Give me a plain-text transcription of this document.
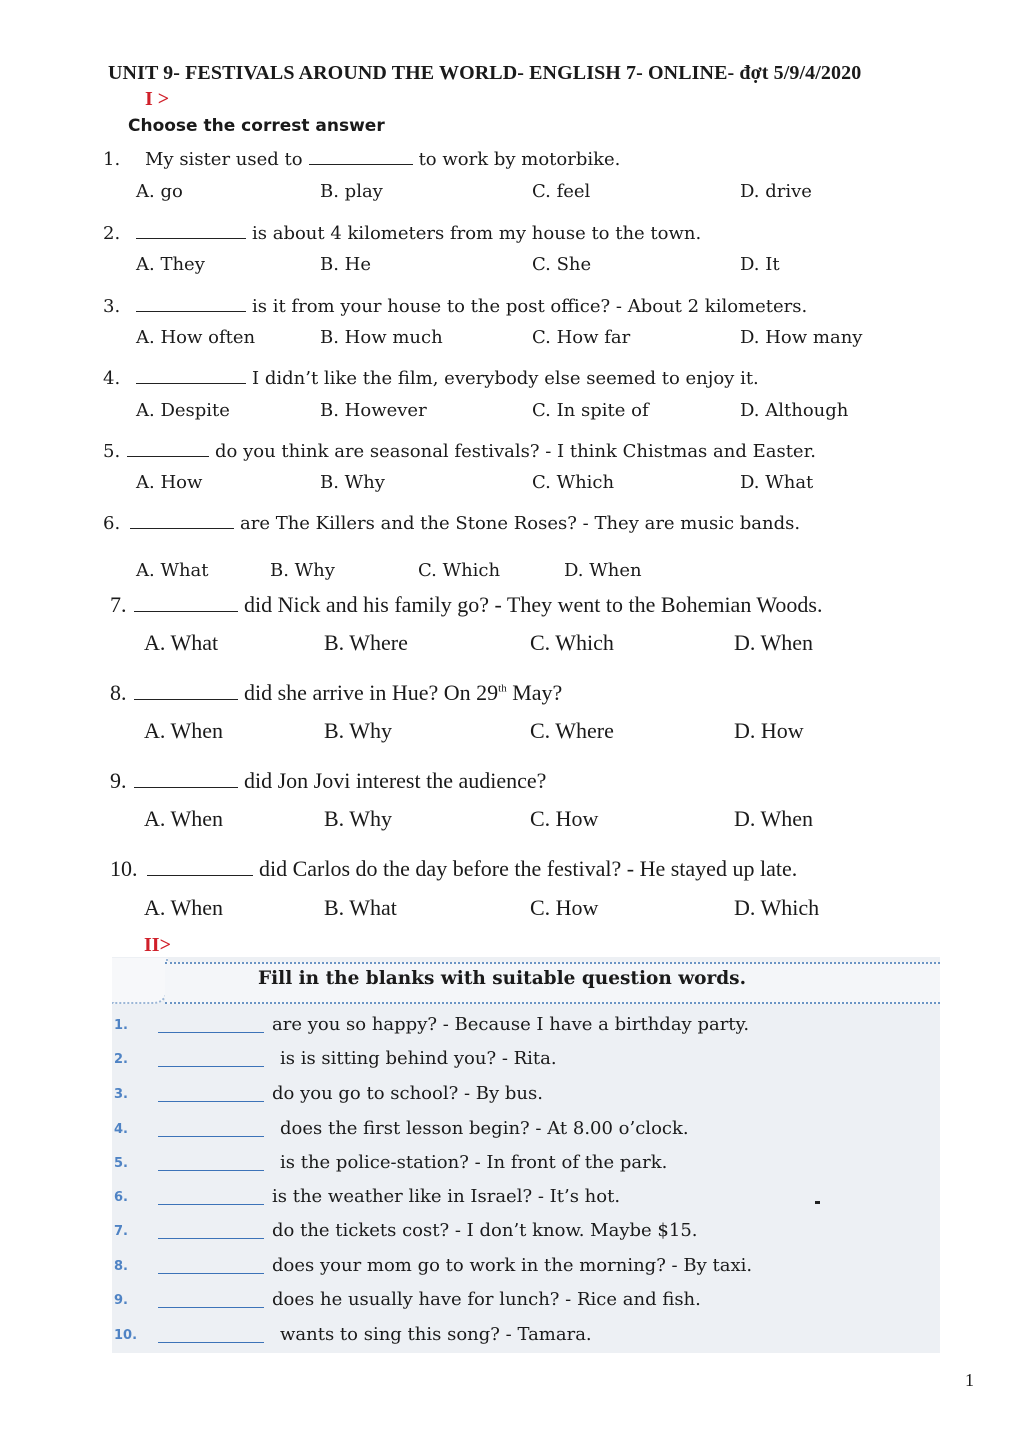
UNIT 9- FESTIVALS AROUND THE WORLD- ENGLISH 7- ONLINE- đợt 5/9/4/2020
I >
Choose the correst answer
1. My sister used to	to work by motorbike.
A. go	B. play	C. feel	D. drive
2.	is about 4 kilometers from my house to the town.
A. They	B. He	C. She	D. It
3.	is it from your house to the post office? - About 2 kilometers.
A. How often	B. How much	C. How far	D. How many
4.	I didn’t like the film, everybody else seemed to enjoy it.
A. Despite	B. However	C. In spite of	D. Although
5.	do you think are seasonal festivals? - I think Chistmas and Easter.
A. How	B. Why	C. Which	D. What
6.	are The Killers and the Stone Roses? - They are music bands.
A. What	B. Why	C. Which	D. When
7.	did Nick and his family go? - They went to the Bohemian Woods.
A. What	B. Where	C. Which	D. When
8.	did she arrive in Hue? On 29th May?
A. When	B. Why	C. Where	D. How
9.	did Jon Jovi interest the audience?
A. When	B. Why	C. How	D. When
10.	did Carlos do the day before the festival? - He stayed up late.
A. When	B. What	C. How	D. Which
II>
Fill in the blanks with suitable question words.
1.	are you so happy? - Because I have a birthday party.
2.	is is sitting behind you? - Rita.
3.	do you go to school? - By bus.
4.	does the first lesson begin? - At 8.00 o’clock.
5.	is the police-station? - In front of the park.
6.	is the weather like in Israel? - It’s hot.
7.	do the tickets cost? - I don’t know. Maybe $15.
8.	does your mom go to work in the morning? - By taxi.
9.	does he usually have for lunch? - Rice and fish.
10.	wants to sing this song? - Tamara.
1
